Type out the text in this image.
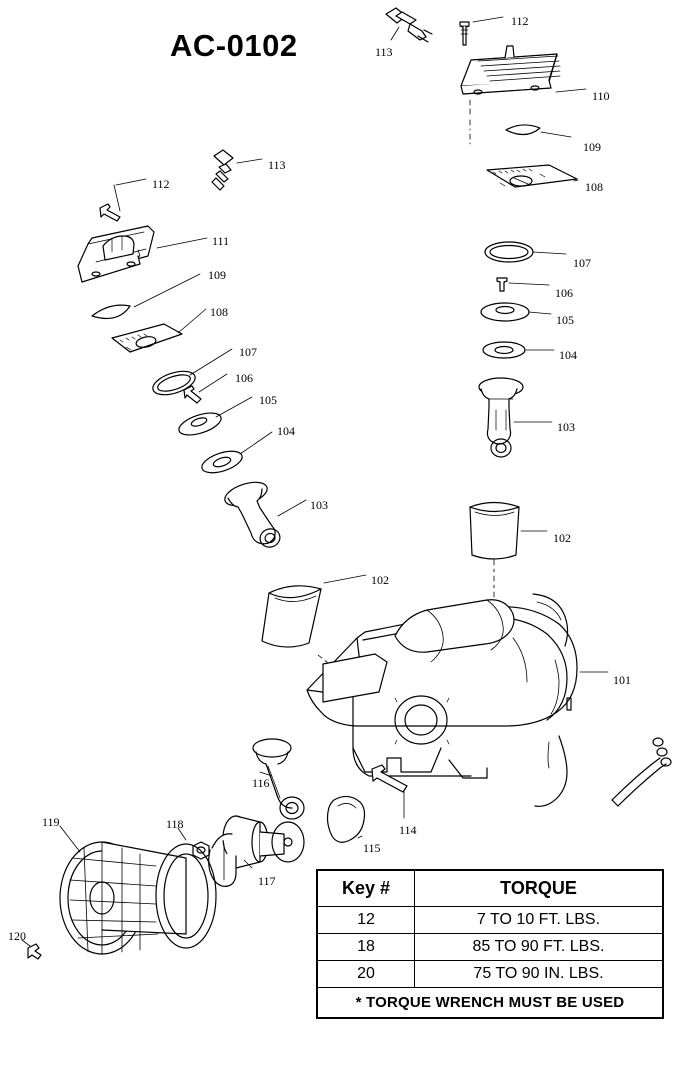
AC-0102
112
113
110
109
108
107
106
105
104
103
102
101
113
112
111
109
108
107
106
105
104
103
102
116
115
114
118
119
117
120
Key #	TORQUE
12	7 TO 10 FT. LBS.
18	85 TO 90 FT. LBS.
20	75 TO 90 IN. LBS.
* TORQUE WRENCH MUST BE USED	
